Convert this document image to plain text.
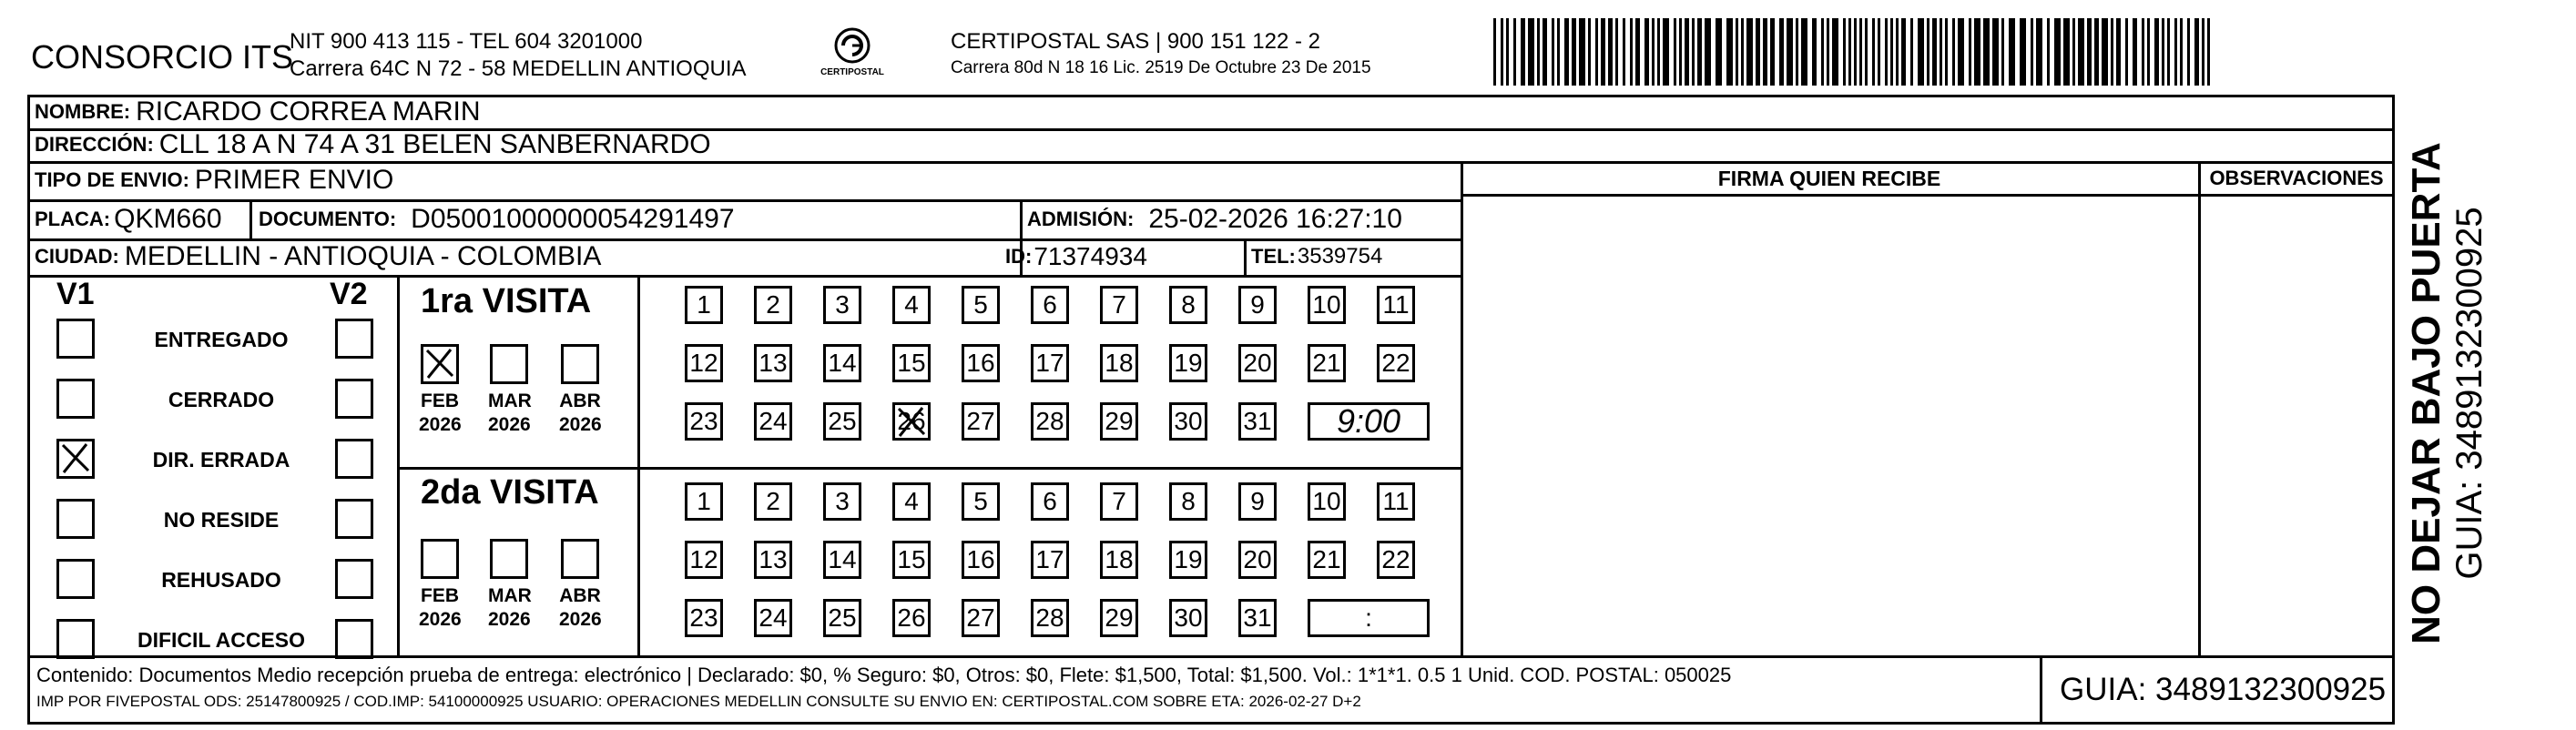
CONSORCIO ITS
NIT 900 413 115 - TEL 604 3201000
Carrera 64C N 72 - 58 MEDELLIN ANTIOQUIA	CERTIPOSTAL
CERTIPOSTAL SAS | 900 151 122 - 2
Carrera 80d N 18 16 Lic. 2519 De Octubre 23 De 2015
NOMBRE: RICARDO CORREA MARIN
DIRECCIÓN: CLL 18 A N 74 A 31 BELEN SANBERNARDO
TIPO DE ENVIO: PRIMER ENVIO	FIRMA QUIEN RECIBE	OBSERVACIONES
PLACA: QKM660 DOCUMENTO: D05001000000054291497	ADMISIÓN: 25-02-2026 16:27:10
CIUDAD: MEDELLIN - ANTIOQUIA - COLOMBIA	ID: 71374934	TEL: 3539754
V1	V2
ENTREGADO
CERRADO
DIR. ERRADA
NO RESIDE
REHUSADO
DIFICIL ACCESO
1ra VISITA
FEB
2026
MAR
2026
ABR
2026
1	2	3	4	5	6	7	8	9	10 11
12 13 14 15 16 17 18 19 20 21 22
23 24 25 26 27 28 29 30 31	9:00
2da VISITA
FEB
2026
MAR
2026
ABR
2026
1	2	3	4	5	6	7	8	9	10 11
12 13 14 15 16 17 18 19 20 21 22
23 24 25 26 27 28 29 30 31	:
Contenido: Documentos Medio recepción prueba de entrega: electrónico | Declarado: $0, % Seguro: $0, Otros: $0, Flete: $1,500, Total: $1,500. Vol.: 1*1*1. 0.5 1 Unid. COD. POSTAL: 050025
IMP POR FIVEPOSTAL ODS: 25147800925 / COD.IMP: 54100000925 USUARIO: OPERACIONES MEDELLIN CONSULTE SU ENVIO EN: CERTIPOSTAL.COM SOBRE ETA: 2026-02-27 D+2	GUIA: 3489132300925
NO DEJAR BAJO PUERTA GUIA: 3489132300925
